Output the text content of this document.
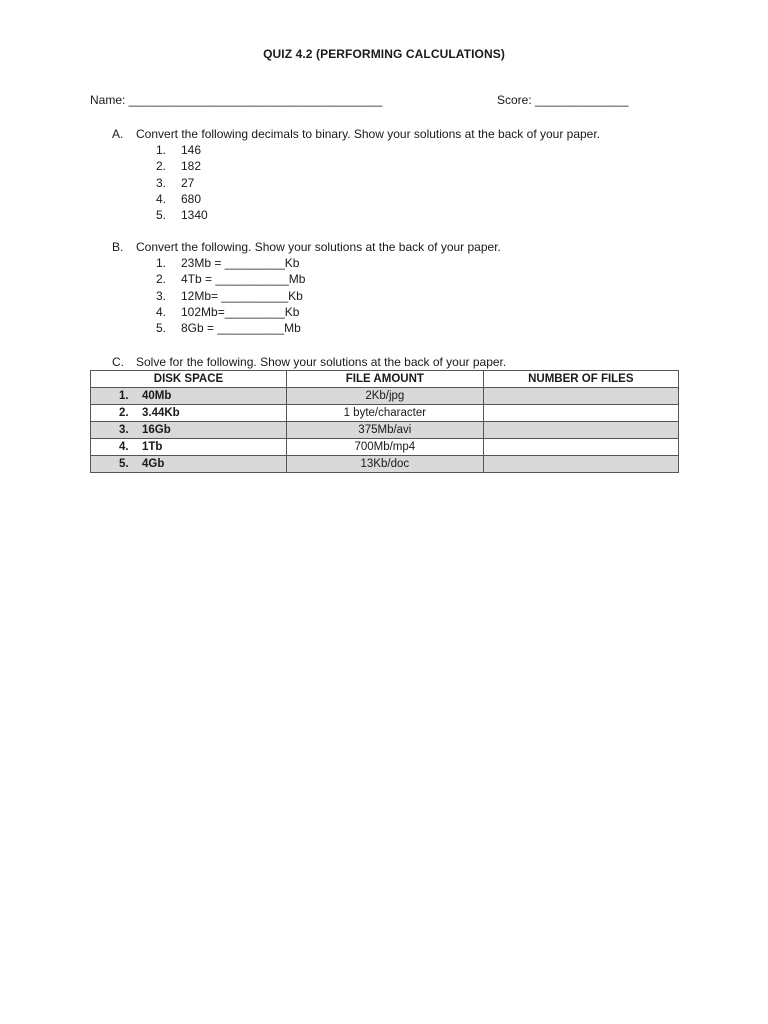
QUIZ 4.2 (PERFORMING CALCULATIONS)
Name: ______________________________________	Score: ______________
A.	Convert the following decimals to binary. Show your solutions at the back of your paper.
1.	146
2.	182
3.	27
4.	680
5.	1340
B.	Convert the following. Show your solutions at the back of your paper.
1.	23Mb = _________Kb
2.	4Tb = ___________Mb
3.	12Mb= __________Kb
4.	102Mb=_________Kb
5.	8Gb = __________Mb
C.	Solve for the following. Show your solutions at the back of your paper.
DISK SPACE	FILE AMOUNT	NUMBER OF FILES
1. 40Mb	2Kb/jpg	
2. 3.44Kb	1 byte/character	
3. 16Gb	375Mb/avi	
4. 1Tb	700Mb/mp4	
5. 4Gb	13Kb/doc	
